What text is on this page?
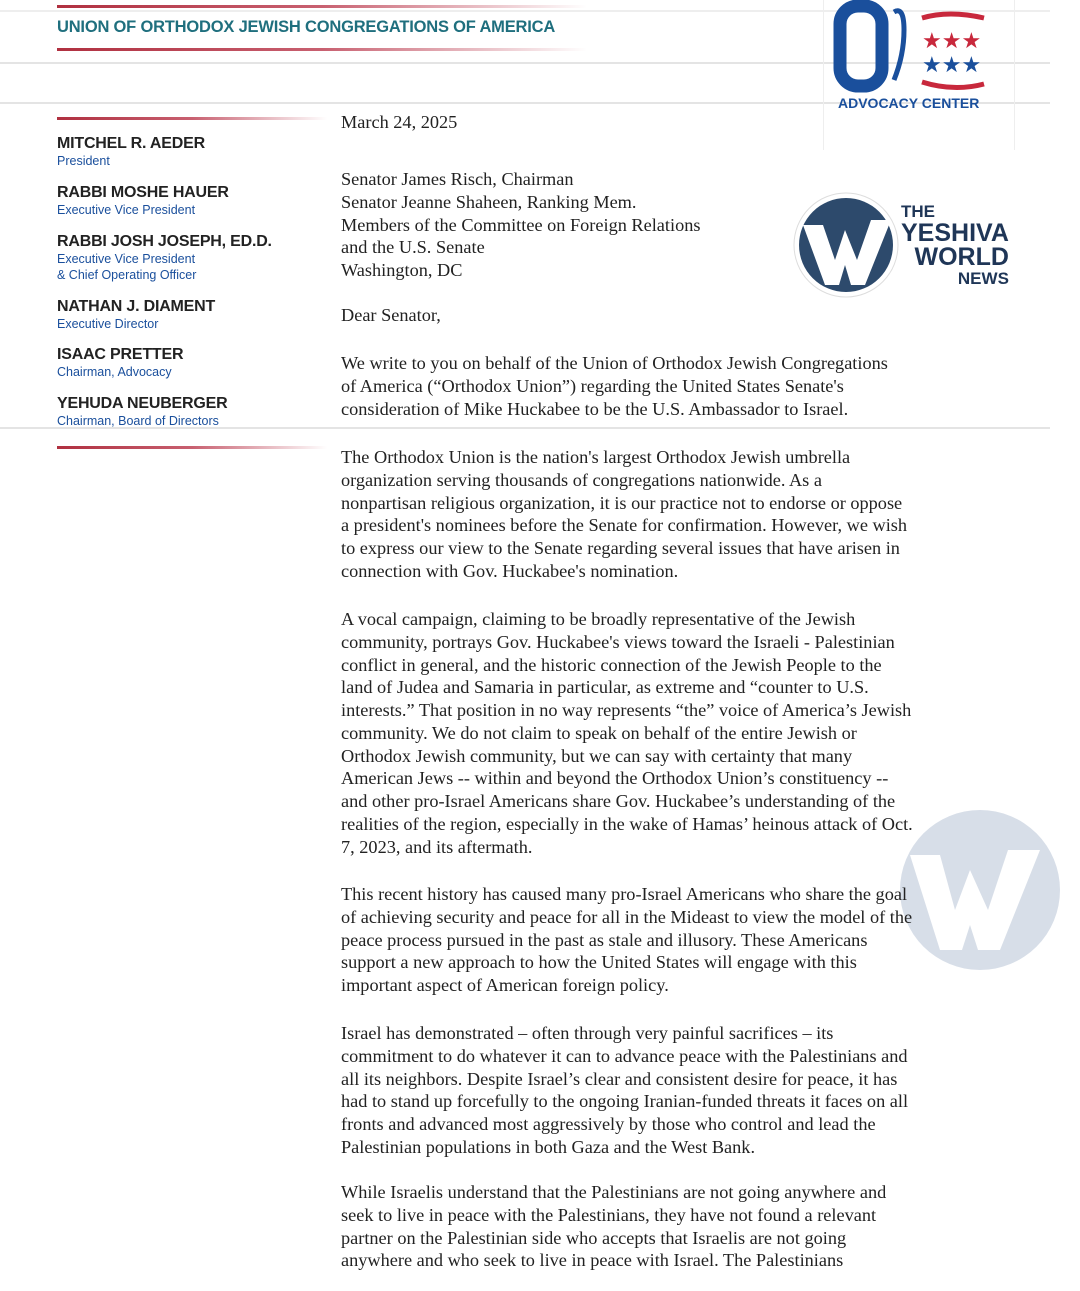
UNION OF ORTHODOX JEWISH CONGREGATIONS OF AMERICA
★★★
★★★
ADVOCACY CENTER
THE
YESHIVA
WORLD
NEWS
MITCHEL R. AEDER
President
RABBI MOSHE HAUER
Executive Vice President
RABBI JOSH JOSEPH, ED.D.
Executive Vice President
& Chief Operating Officer
NATHAN J. DIAMENT
Executive Director
ISAAC PRETTER
Chairman, Advocacy
YEHUDA NEUBERGER
Chairman, Board of Directors
March 24, 2025
Senator James Risch, Chairman
Senator Jeanne Shaheen, Ranking Mem.
Members of the Committee on Foreign Relations
and the U.S. Senate
Washington, DC
Dear Senator,
We write to you on behalf of the Union of Orthodox Jewish Congregations
of America (“Orthodox Union”) regarding the United States Senate's
consideration of Mike Huckabee to be the U.S. Ambassador to Israel.
The Orthodox Union is the nation's largest Orthodox Jewish umbrella
organization serving thousands of congregations nationwide. As a
nonpartisan religious organization, it is our practice not to endorse or oppose
a president's nominees before the Senate for confirmation. However, we wish
to express our view to the Senate regarding several issues that have arisen in
connection with Gov. Huckabee's nomination.
A vocal campaign, claiming to be broadly representative of the Jewish
community, portrays Gov. Huckabee's views toward the Israeli - Palestinian
conflict in general, and the historic connection of the Jewish People to the
land of Judea and Samaria in particular, as extreme and “counter to U.S.
interests.” That position in no way represents “the” voice of America’s Jewish
community. We do not claim to speak on behalf of the entire Jewish or
Orthodox Jewish community, but we can say with certainty that many
American Jews -- within and beyond the Orthodox Union’s constituency --
and other pro-Israel Americans share Gov. Huckabee’s understanding of the
realities of the region, especially in the wake of Hamas’ heinous attack of Oct.
7, 2023, and its aftermath.
This recent history has caused many pro-Israel Americans who share the goal
of achieving security and peace for all in the Mideast to view the model of the
peace process pursued in the past as stale and illusory. These Americans
support a new approach to how the United States will engage with this
important aspect of American foreign policy.
Israel has demonstrated – often through very painful sacrifices – its
commitment to do whatever it can to advance peace with the Palestinians and
all its neighbors. Despite Israel’s clear and consistent desire for peace, it has
had to stand up forcefully to the ongoing Iranian-funded threats it faces on all
fronts and advanced most aggressively by those who control and lead the
Palestinian populations in both Gaza and the West Bank.
While Israelis understand that the Palestinians are not going anywhere and
seek to live in peace with the Palestinians, they have not found a relevant
partner on the Palestinian side who accepts that Israelis are not going
anywhere and who seek to live in peace with Israel. The Palestinians
